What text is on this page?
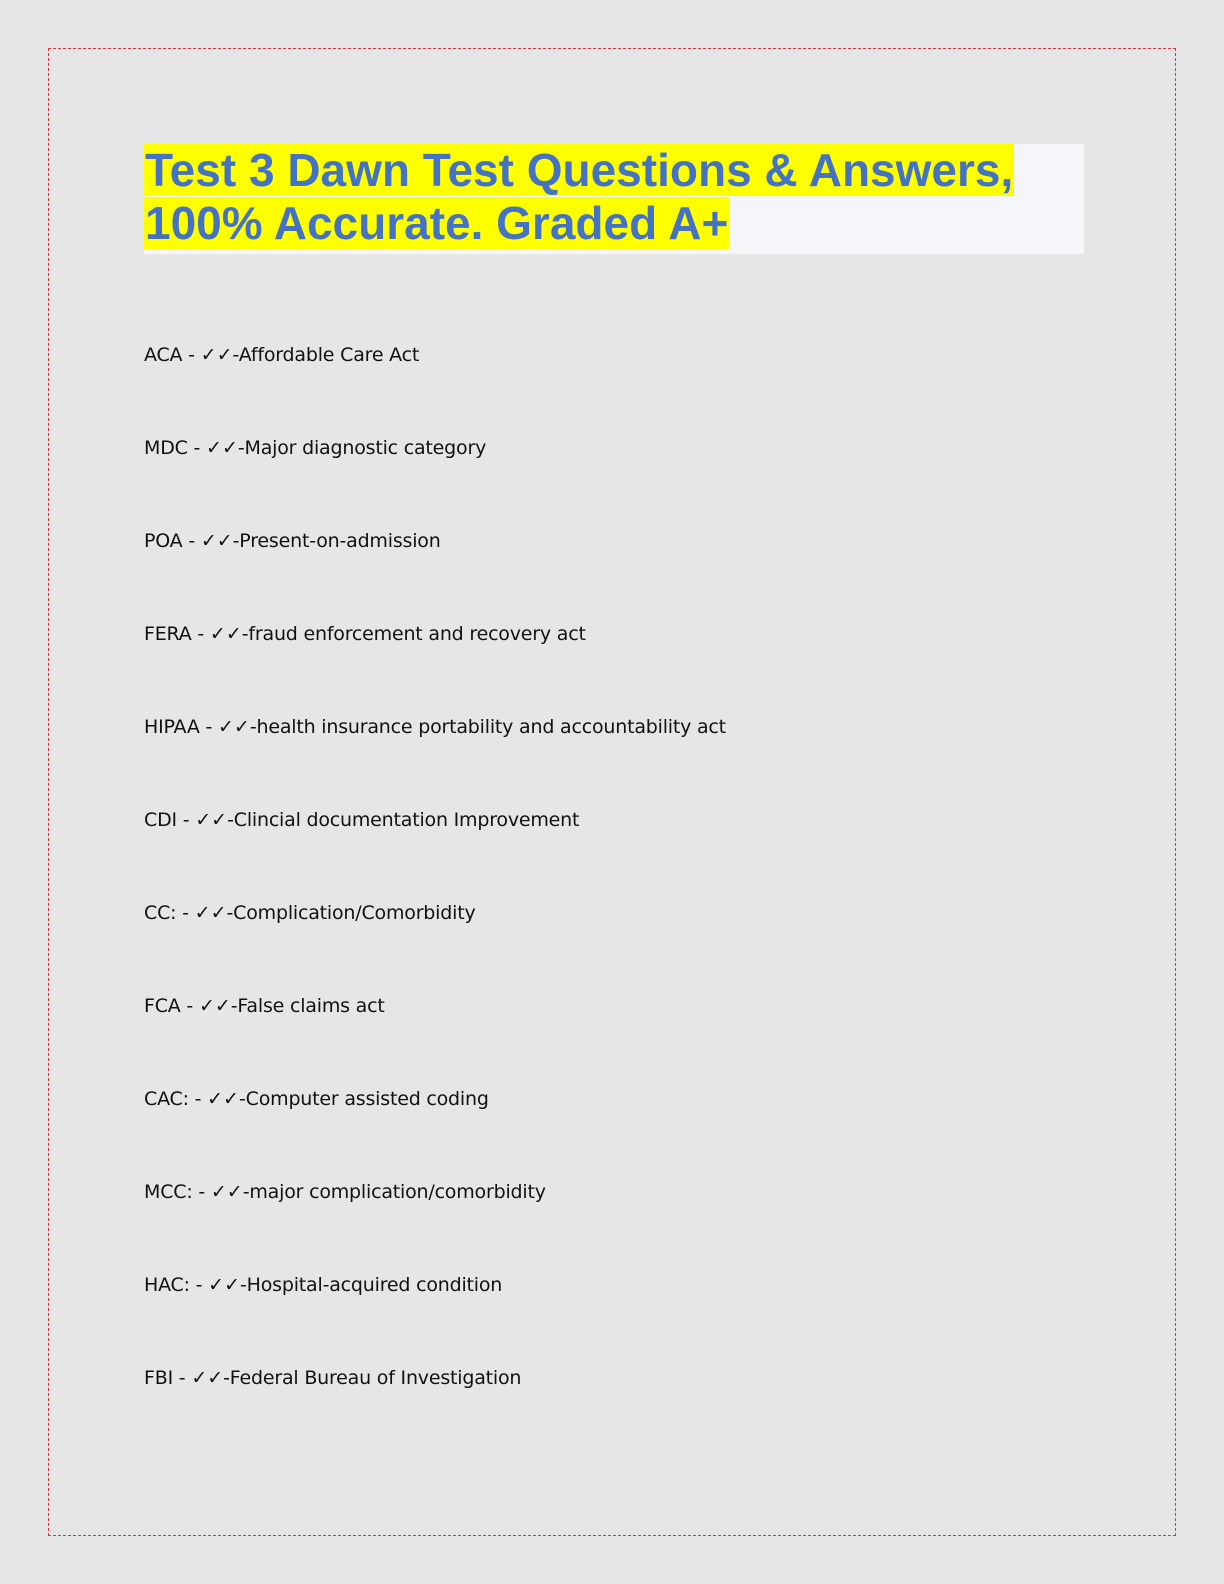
Test 3 Dawn Test Questions & Answers,
100% Accurate. Graded A+
ACA - ✓✓-Affordable Care Act
MDC - ✓✓-Major diagnostic category
POA - ✓✓-Present-on-admission
FERA - ✓✓-fraud enforcement and recovery act
HIPAA - ✓✓-health insurance portability and accountability act
CDI - ✓✓-Clincial documentation Improvement
CC: - ✓✓-Complication/Comorbidity
FCA - ✓✓-False claims act
CAC: - ✓✓-Computer assisted coding
MCC: - ✓✓-major complication/comorbidity
HAC: - ✓✓-Hospital-acquired condition
FBI - ✓✓-Federal Bureau of Investigation
